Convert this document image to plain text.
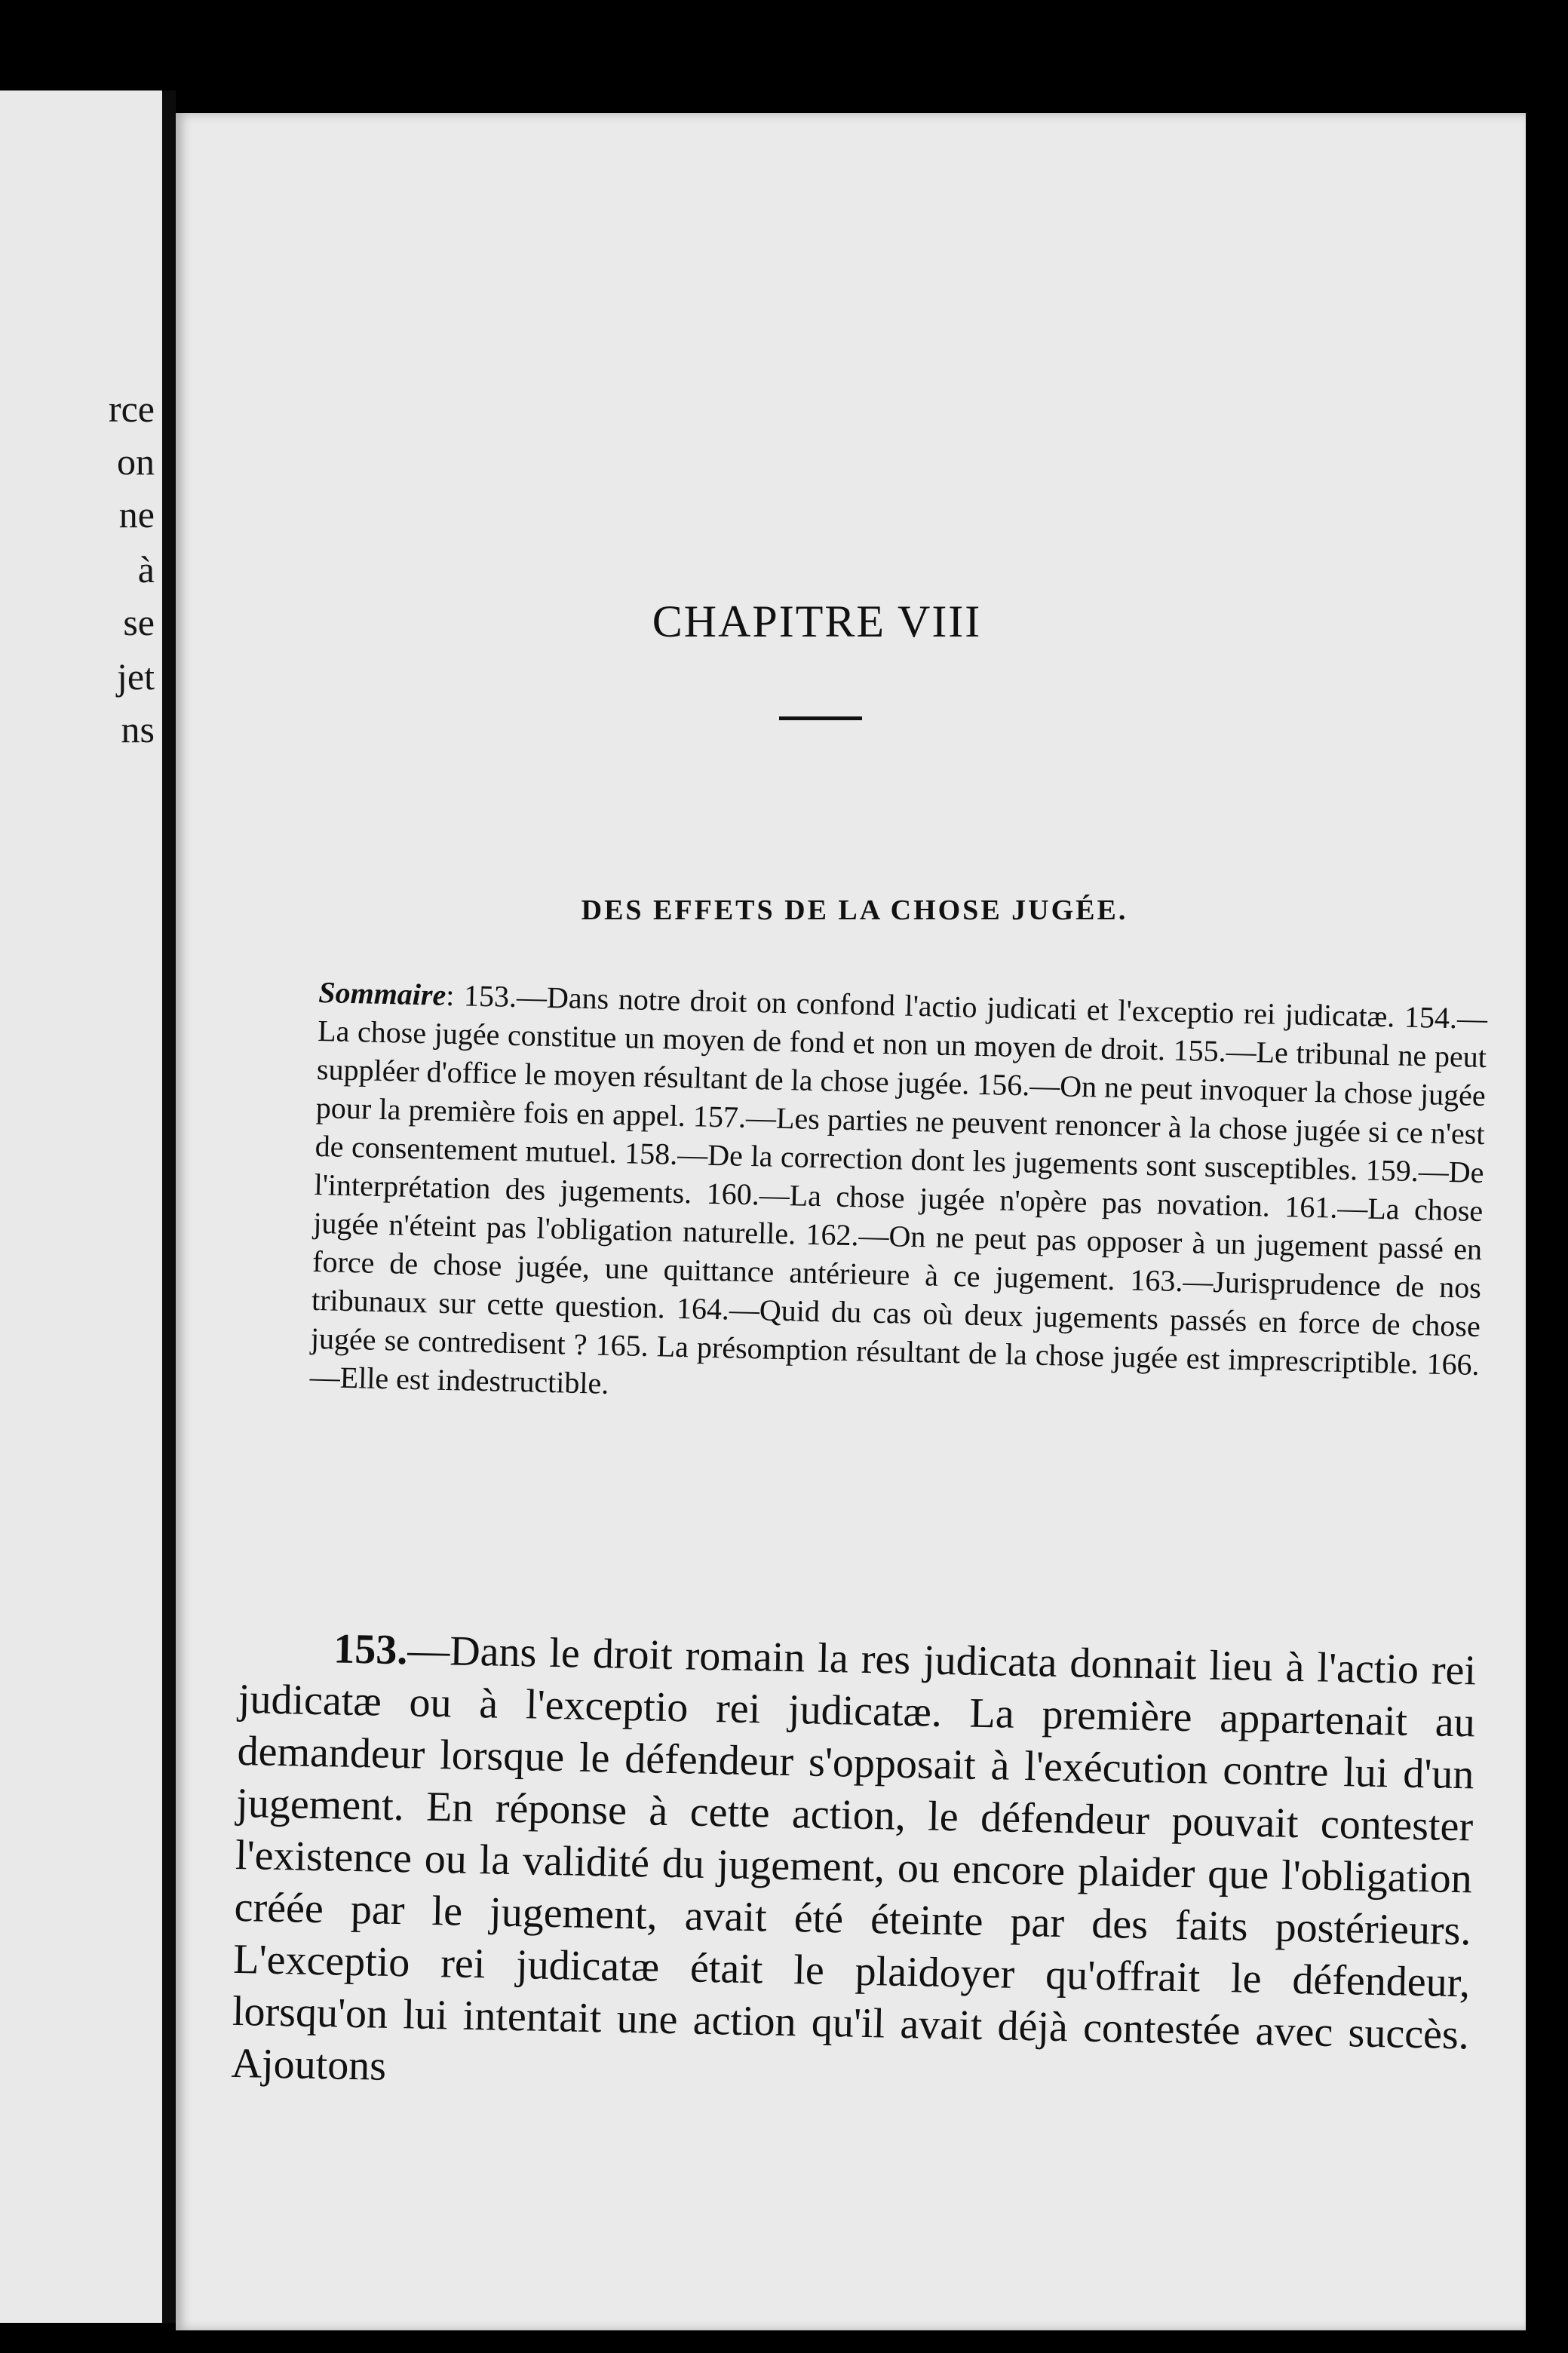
rce
on
ne
à
se
jet
ns
CHAPITRE VIII
DES EFFETS DE LA CHOSE JUGÉE.
Sommaire: 153.—Dans notre droit on confond l'actio judicati et l'exceptio rei judicatæ. 154.—La chose jugée constitue un moyen de fond et non un moyen de droit. 155.—Le tribunal ne peut suppléer d'office le moyen résultant de la chose jugée. 156.—On ne peut invoquer la chose jugée pour la première fois en appel. 157.—Les parties ne peuvent renoncer à la chose jugée si ce n'est de consentement mutuel. 158.—De la correction dont les jugements sont susceptibles. 159.—De l'interprétation des jugements. 160.—La chose jugée n'opère pas novation. 161.—La chose jugée n'éteint pas l'obligation naturelle. 162.—On ne peut pas opposer à un jugement passé en force de chose jugée, une quittance antérieure à ce jugement. 163.—Jurisprudence de nos tribunaux sur cette question. 164.—Quid du cas où deux jugements passés en force de chose jugée se contredisent ? 165. La présomption résultant de la chose jugée est imprescriptible. 166.—Elle est indestructible.

153.—Dans le droit romain la res judicata donnait lieu à l'actio rei judicatæ ou à l'exceptio rei judicatæ. La première appartenait au demandeur lorsque le défendeur s'opposait à l'exécution contre lui d'un jugement. En réponse à cette action, le défendeur pouvait contester l'existence ou la validité du jugement, ou encore plaider que l'obligation créée par le jugement, avait été éteinte par des faits postérieurs. L'exceptio rei judicatæ était le plaidoyer qu'offrait le défendeur, lorsqu'on lui intentait une action qu'il avait déjà contestée avec succès. Ajoutons
